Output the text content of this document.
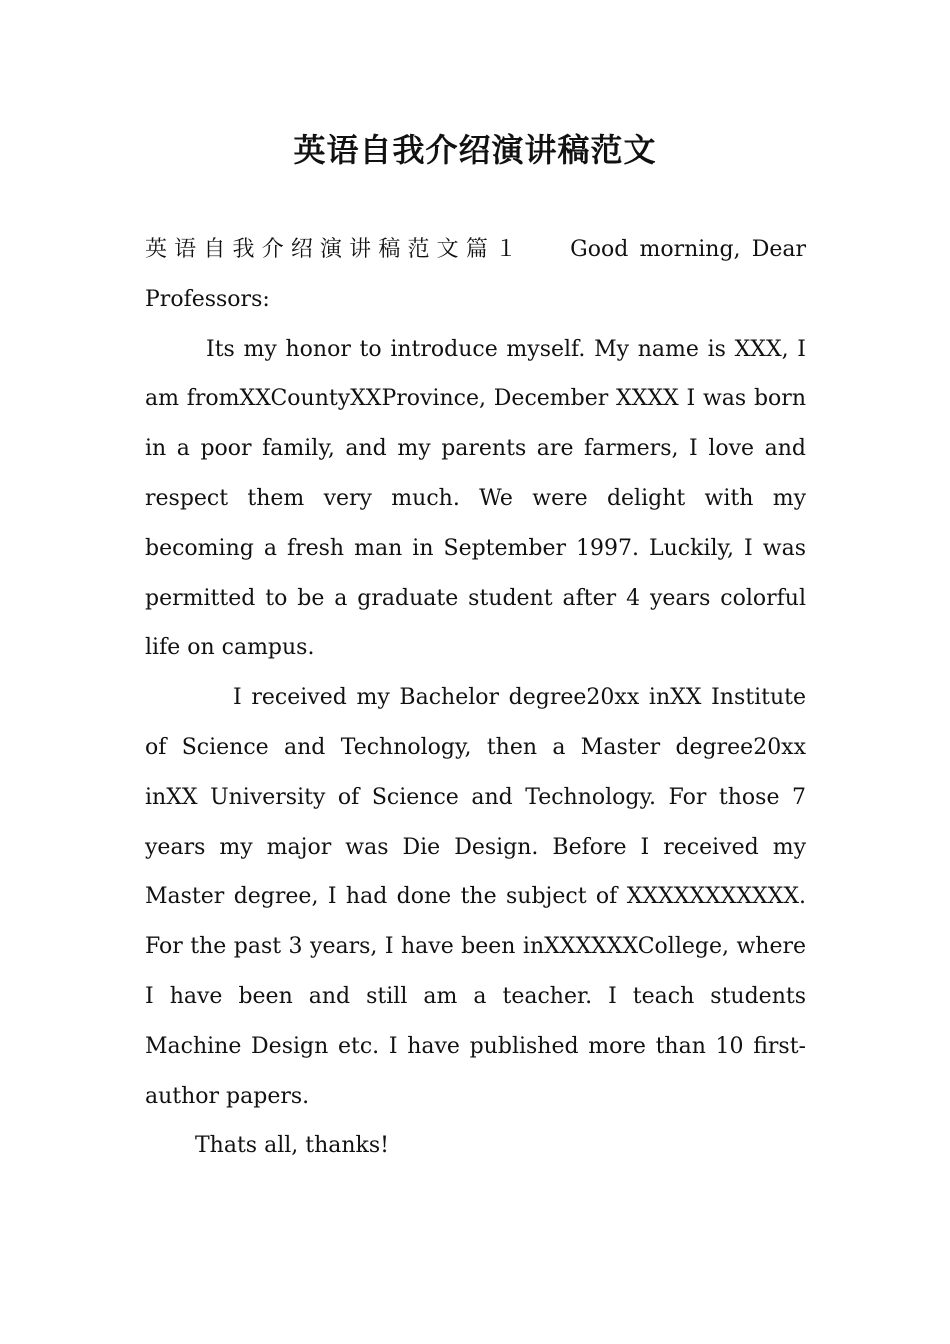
英语自我介绍演讲稿范文

英语自我介绍演讲稿范文篇１ Good morning, Dear Professors:

Its my honor to introduce myself. My name is XXX, I am fromXXCountyXXProvince, December XXXX I was born in a poor family, and my parents are farmers, I love and respect them very much. We were delight with my becoming a fresh man in September 1997. Luckily, I was permitted to be a graduate student after 4 years colorful life on campus.

I received my Bachelor degree20xx inXX Institute of Science and Technology, then a Master degree20xx inXX University of Science and Technology. For those 7 years my major was Die Design. Before I received my Master degree, I had done the subject of XXXXXXXXXXX. For the past 3 years, I have been inXXXXXXCollege, where I have been and still am a teacher. I teach students Machine Design etc. I have published more than 10 first-author papers.

Thats all, thanks!
